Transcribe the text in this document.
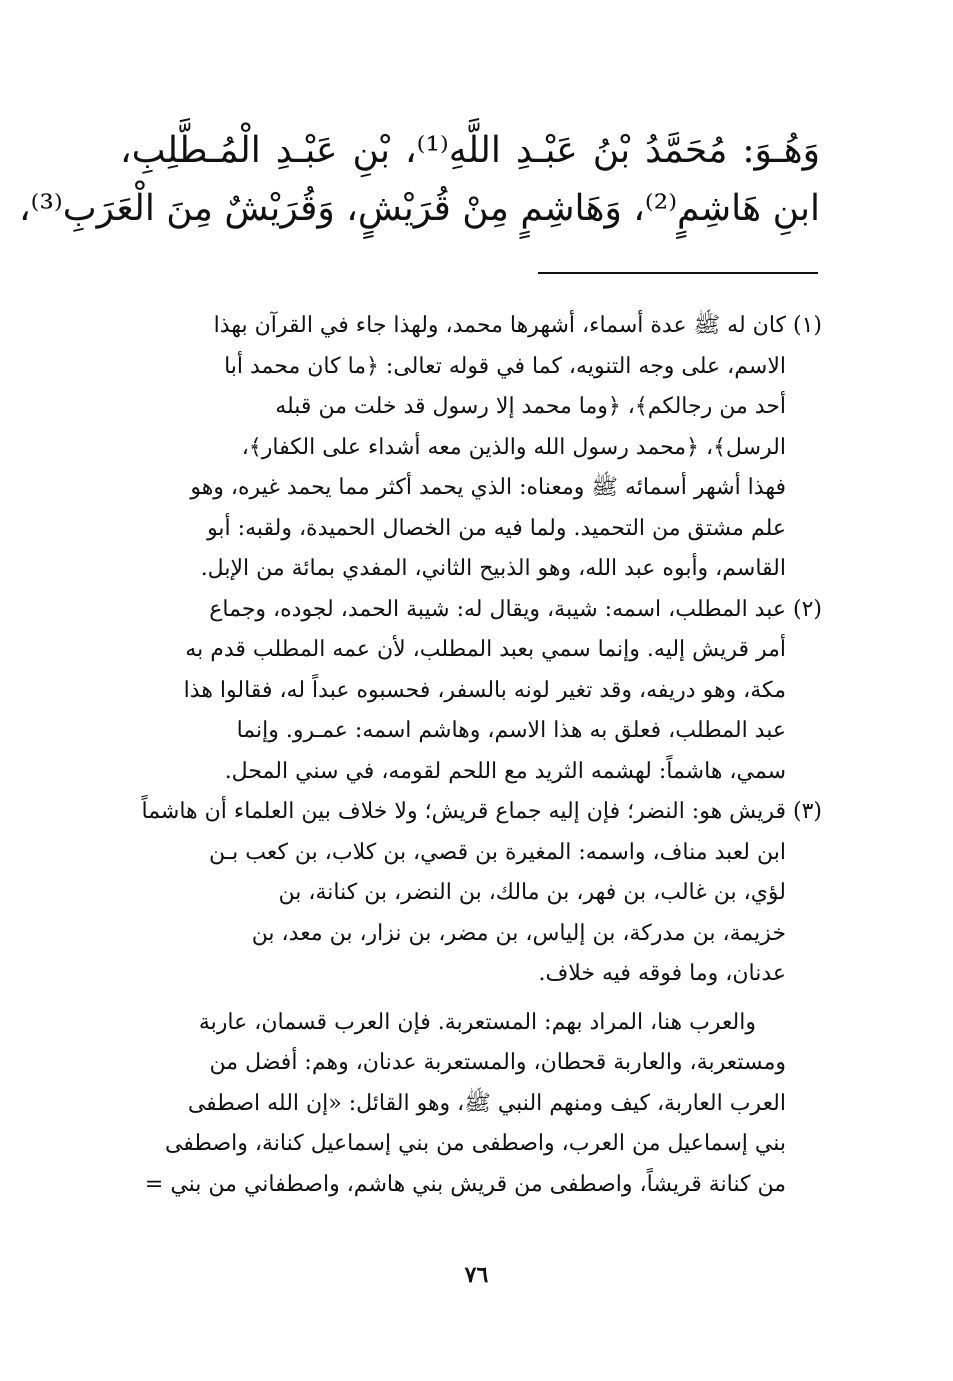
وَهُـوَ: مُحَمَّدُ بْنُ عَبْـدِ اللَّهِ⁽¹⁾، بْنِ عَبْـدِ الْمُـطَّلِبِ،
ابنِ هَاشِمٍ⁽²⁾، وَهَاشِمٍ مِنْ قُرَيْشٍ، وَقُرَيْشٌ مِنَ الْعَرَبِ⁽³⁾،
(١) كان له ﷺ عدة أسماء، أشهرها محمد، ولهذا جاء في القرآن بهذا
الاسم، على وجه التنويه، كما في قوله تعالى: ﴿ما كان محمد أبا
أحد من رجالكم﴾، ﴿وما محمد إلا رسول قد خلت من قبله
الرسل﴾، ﴿محمد رسول الله والذين معه أشداء على الكفار﴾،
فهذا أشهر أسمائه ﷺ ومعناه: الذي يحمد أكثر مما يحمد غيره، وهو
علم مشتق من التحميد. ولما فيه من الخصال الحميدة، ولقبه: أبو
القاسم، وأبوه عبد الله، وهو الذبيح الثاني، المفدي بمائة من الإبل.
(٢) عبد المطلب، اسمه: شيبة، ويقال له: شيبة الحمد، لجوده، وجماع
أمر قريش إليه. وإنما سمي بعبد المطلب، لأن عمه المطلب قدم به
مكة، وهو دريفه، وقد تغير لونه بالسفر، فحسبوه عبداً له، فقالوا هذا
عبد المطلب، فعلق به هذا الاسم، وهاشم اسمه: عمـرو. وإنما
سمي، هاشماً: لهشمه الثريد مع اللحم لقومه، في سني المحل.
(٣) قريش هو: النضر؛ فإن إليه جماع قريش؛ ولا خلاف بين العلماء أن هاشماً
ابن لعبد مناف، واسمه: المغيرة بن قصي، بن كلاب، بن كعب بـن
لؤي، بن غالب، بن فهر، بن مالك، بن النضر، بن كنانة، بن
خزيمة، بن مدركة، بن إلياس، بن مضر، بن نزار، بن معد، بن
عدنان، وما فوقه فيه خلاف.
والعرب هنا، المراد بهم: المستعربة. فإن العرب قسمان، عاربة
ومستعربة، والعاربة قحطان، والمستعربة عدنان، وهم: أفضل من
العرب العاربة، كيف ومنهم النبي ﷺ، وهو القائل: «إن الله اصطفى
بني إسماعيل من العرب، واصطفى من بني إسماعيل كنانة، واصطفى
من كنانة قريشاً، واصطفى من قريش بني هاشم، واصطفاني من بني =
٧٦
